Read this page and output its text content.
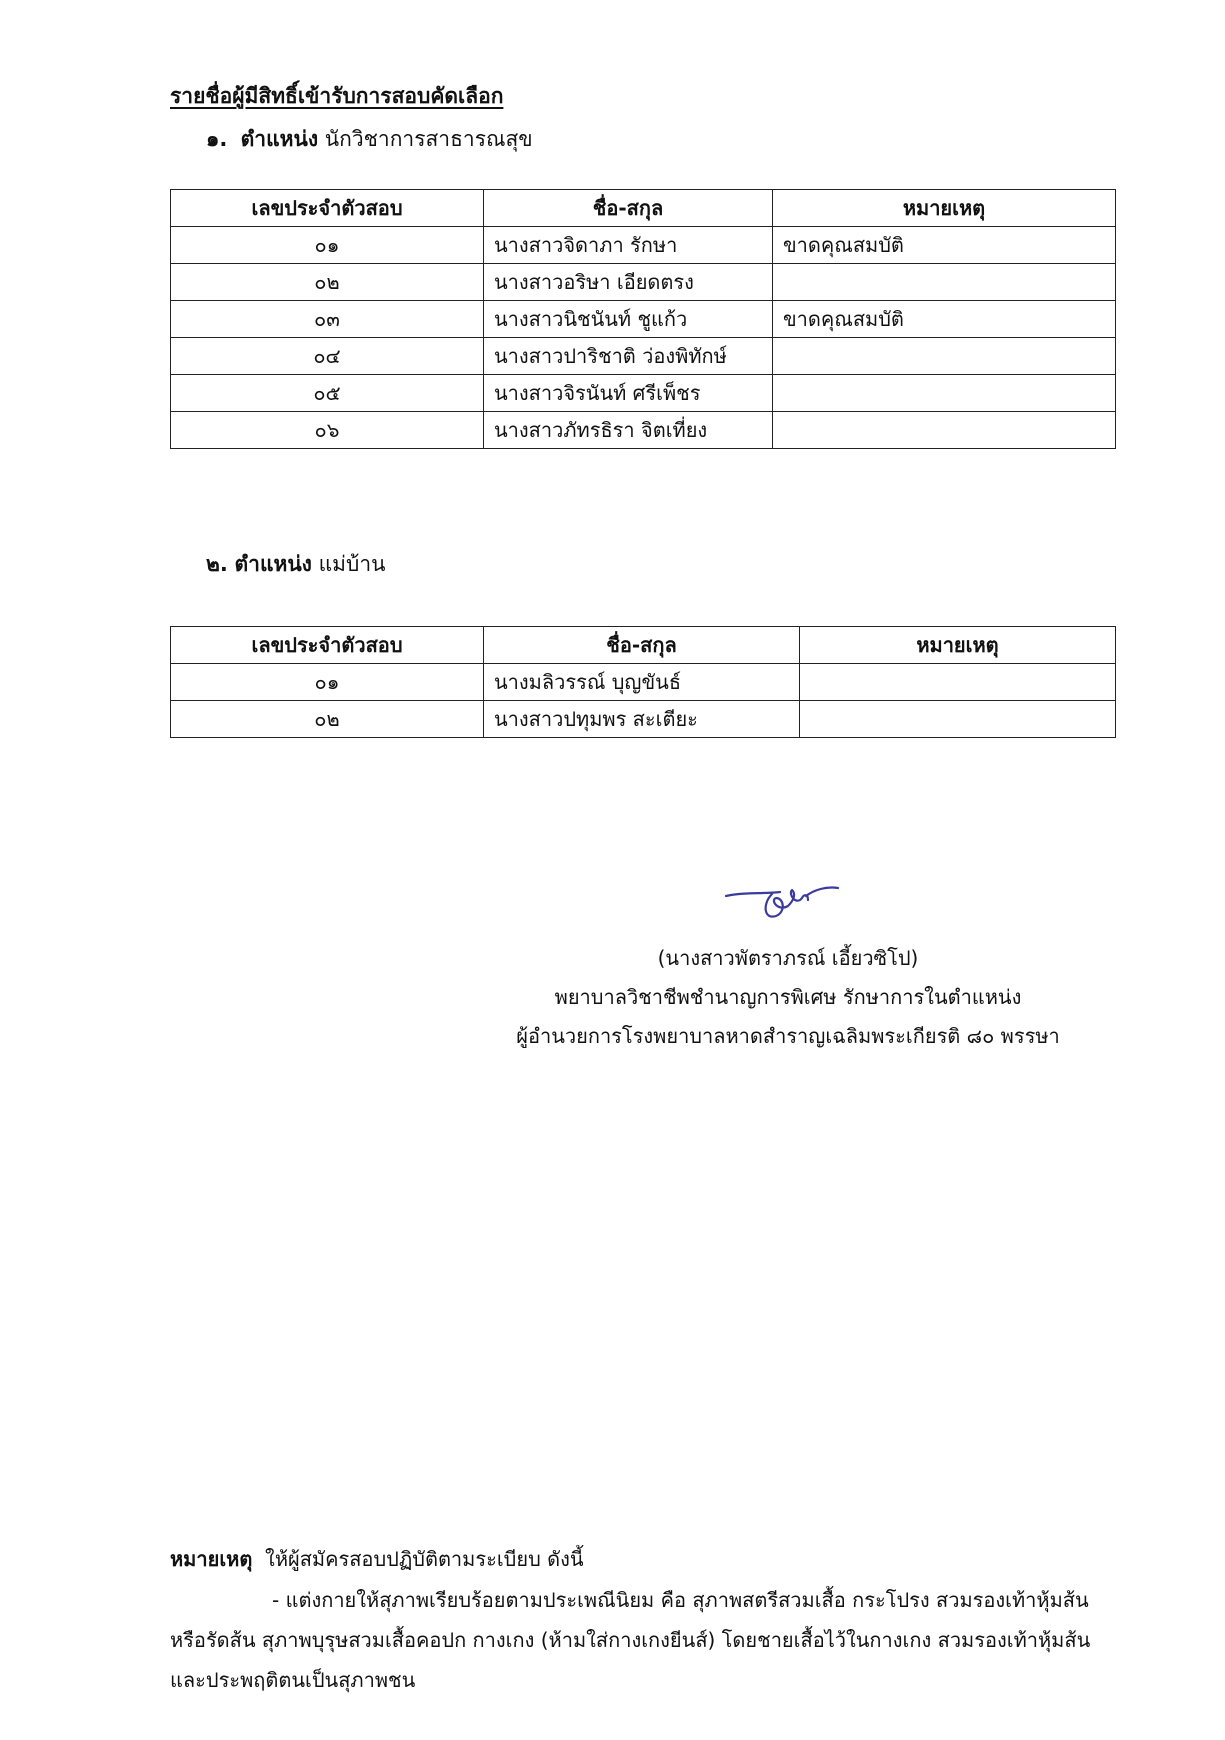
รายชื่อผู้มีสิทธิ์เข้ารับการสอบคัดเลือก
๑. ตำแหน่ง นักวิชาการสาธารณสุข
เลขประจำตัวสอบ	ชื่อ-สกุล	หมายเหตุ
๐๑	นางสาวจิดาภา รักษา	ขาดคุณสมบัติ
๐๒	นางสาวอริษา เอียดตรง	
๐๓	นางสาวนิชนันท์ ชูแก้ว	ขาดคุณสมบัติ
๐๔	นางสาวปาริชาติ ว่องพิทักษ์	
๐๕	นางสาวจิรนันท์ ศรีเพ็ชร	
๐๖	นางสาวภัทรธิรา จิตเที่ยง	
๒. ตำแหน่ง แม่บ้าน
เลขประจำตัวสอบ	ชื่อ-สกุล	หมายเหตุ
๐๑	นางมลิวรรณ์ บุญขันธ์	
๐๒	นางสาวปทุมพร สะเตียะ	
(นางสาวพัตราภรณ์ เอี้ยวซิโป)
พยาบาลวิชาชีพชำนาญการพิเศษ รักษาการในตำแหน่ง
ผู้อำนวยการโรงพยาบาลหาดสำราญเฉลิมพระเกียรติ ๘๐ พรรษา
หมายเหตุ ให้ผู้สมัครสอบปฏิบัติตามระเบียบ ดังนี้
- แต่งกายให้สุภาพเรียบร้อยตามประเพณีนิยม คือ สุภาพสตรีสวมเสื้อ กระโปรง สวมรองเท้าหุ้มส้น
หรือรัดส้น สุภาพบุรุษสวมเสื้อคอปก กางเกง (ห้ามใส่กางเกงยีนส์) โดยชายเสื้อไว้ในกางเกง สวมรองเท้าหุ้มส้น
และประพฤติตนเป็นสุภาพชน
